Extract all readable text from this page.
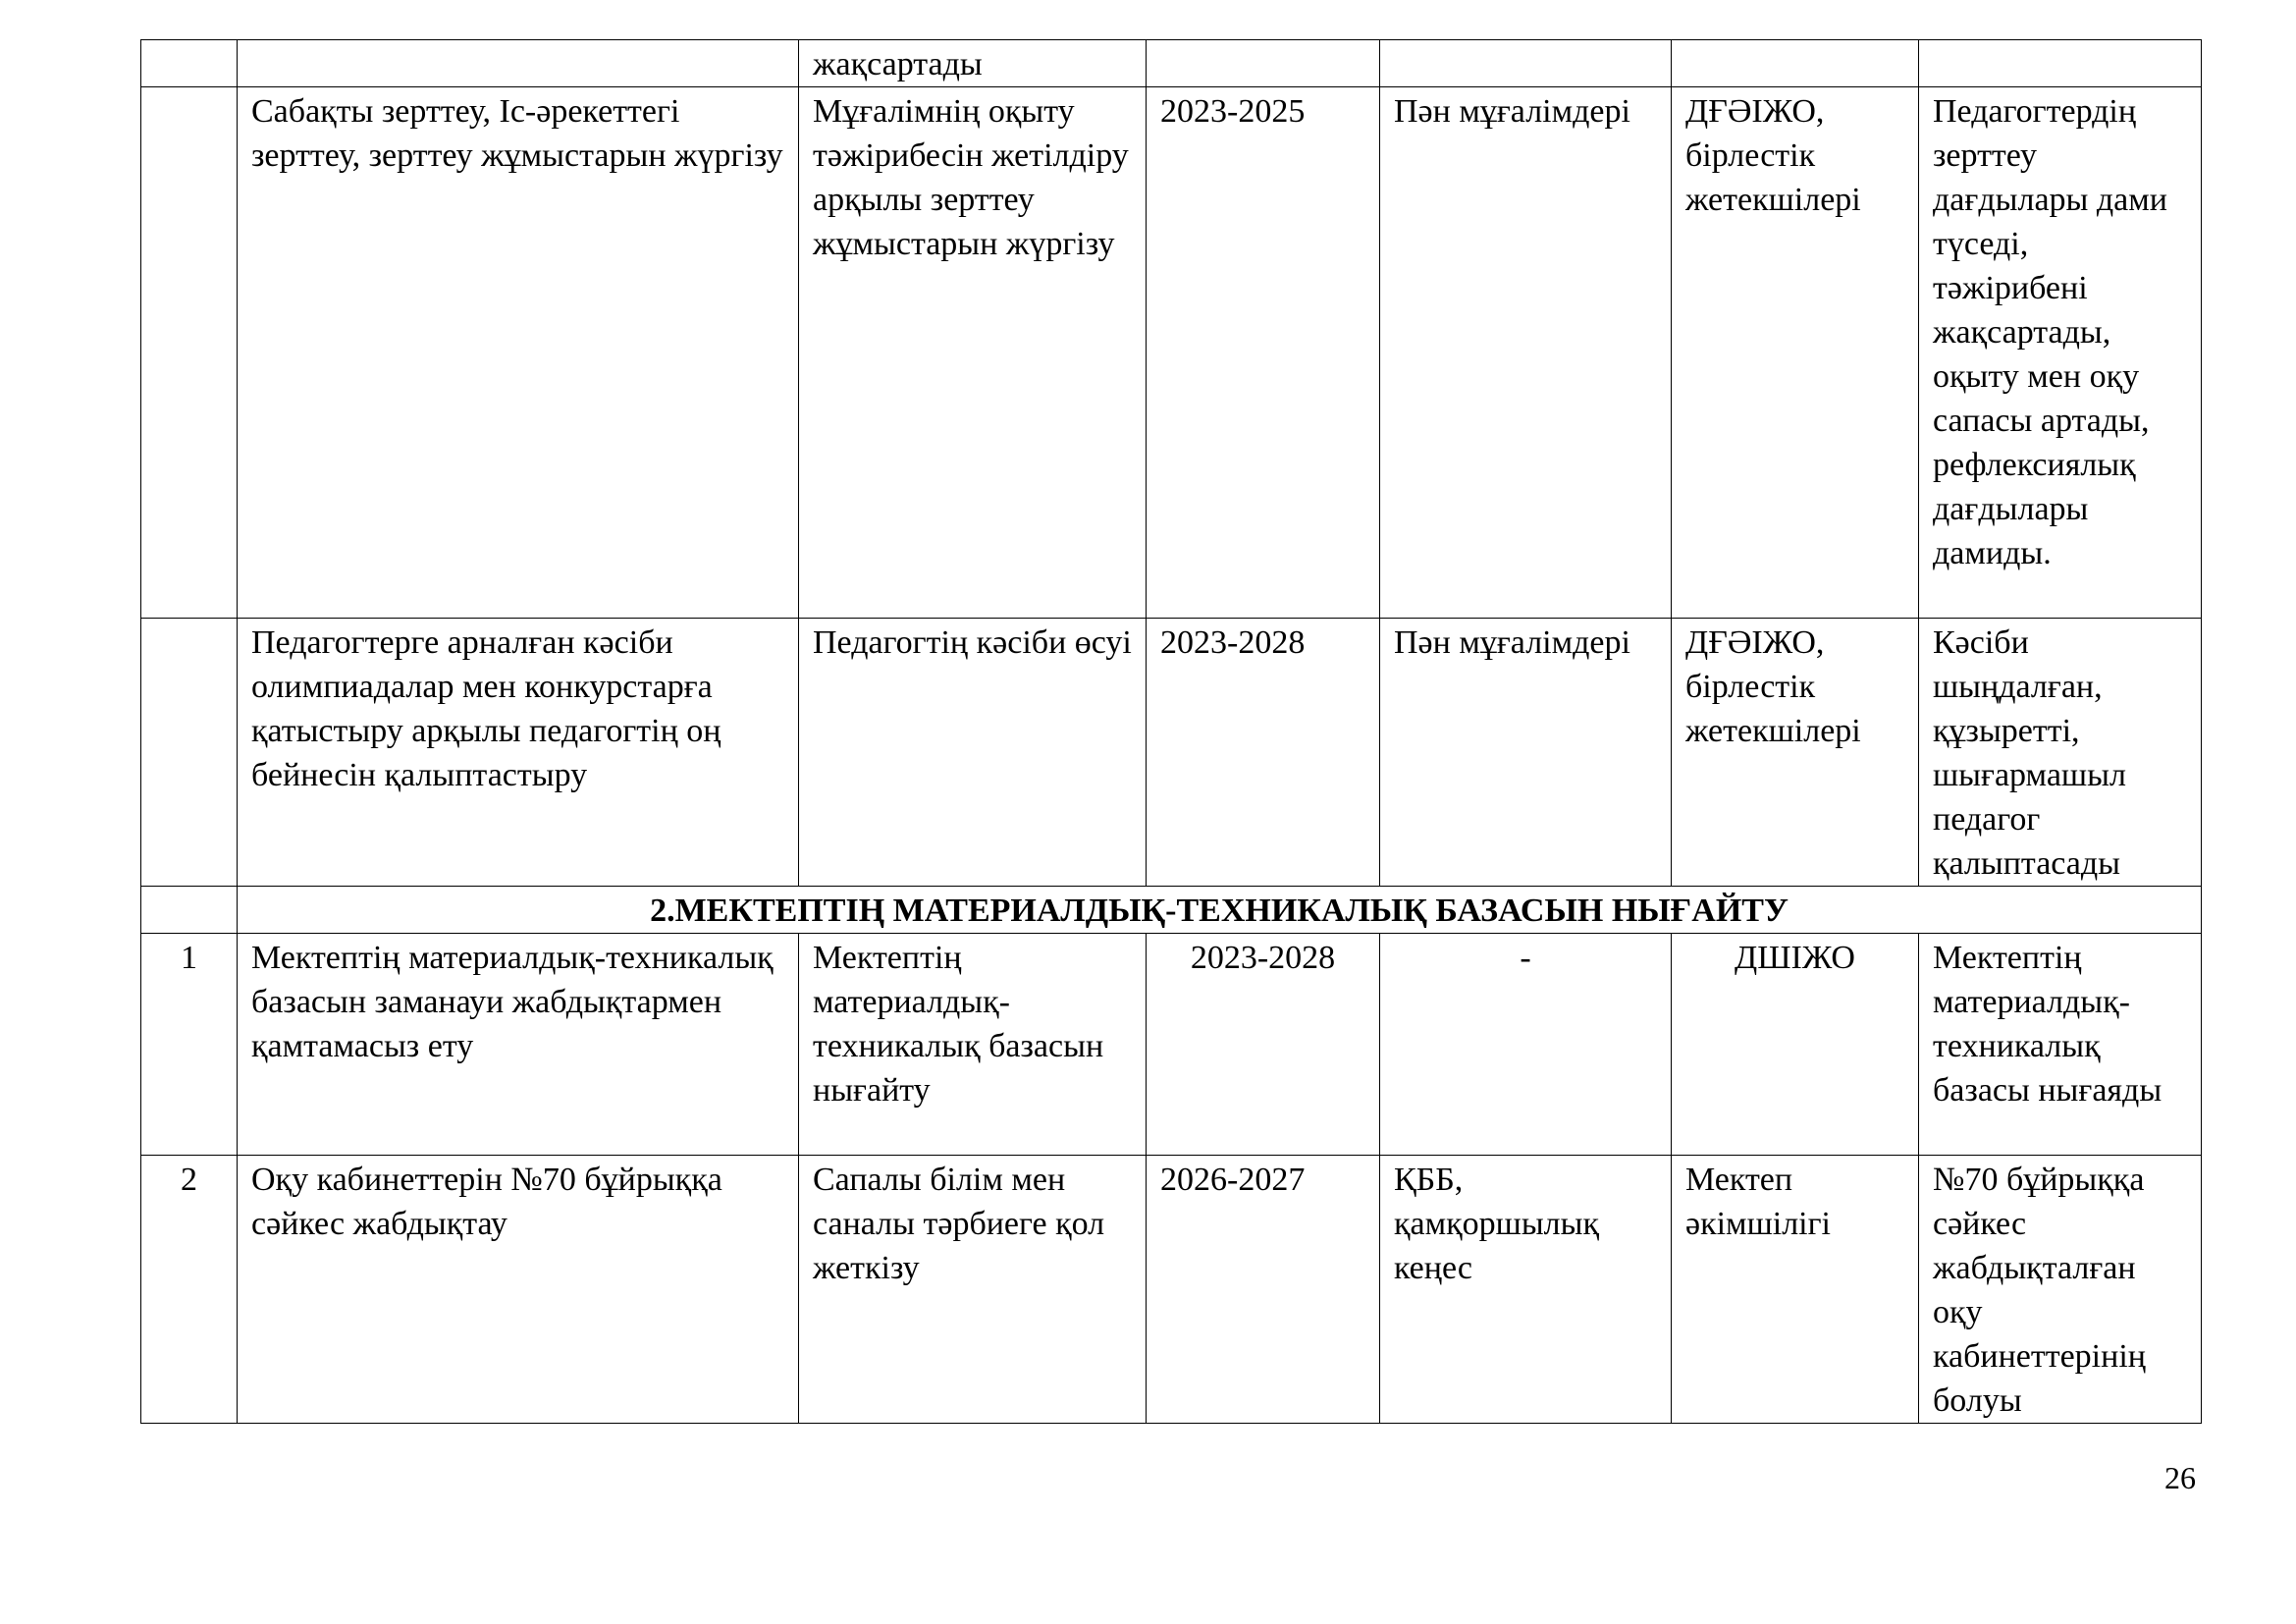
		жақсартады				
	Сабақты зерттеу, Іс-әрекеттегі зерттеу, зерттеу жұмыстарын жүргізу	Мұғалімнің оқыту тәжірибесін жетілдіру арқылы зерттеу жұмыстарын жүргізу	2023-2025	Пән мұғалімдері	ДҒӘІЖО, бірлестік жетекшілері	Педагогтердің зерттеу дағдылары дами түседі, тәжірибені жақсартады, оқыту мен оқу сапасы артады, рефлексиялық дағдылары дамиды.
	Педагогтерге арналған кәсіби олимпиадалар мен конкурстарға қатыстыру арқылы педагогтің оң бейнесін қалыптастыру	Педагогтің кәсіби өсуі	2023-2028	Пән мұғалімдері	ДҒӘІЖО, бірлестік жетекшілері	Кәсіби шыңдалған, құзыретті, шығармашыл педагог қалыптасады
	2.МЕКТЕПТІҢ МАТЕРИАЛДЫҚ-ТЕХНИКАЛЫҚ БАЗАСЫН НЫҒАЙТУ					
1	Мектептің материалдық-техникалық базасын заманауи жабдықтармен қамтамасыз ету	Мектептің материалдық-техникалық базасын нығайту	2023-2028	-	ДШІЖО	Мектептің материалдық-техникалық базасы нығаяды
2	Оқу кабинеттерін №70 бұйрыққа сәйкес жабдықтау	Сапалы білім мен саналы тәрбиеге қол жеткізу	2026-2027	ҚББ, қамқоршылық кеңес	Мектеп әкімшілігі	№70 бұйрыққа сәйкес жабдықталған оқу кабинеттерінің болуы
26
